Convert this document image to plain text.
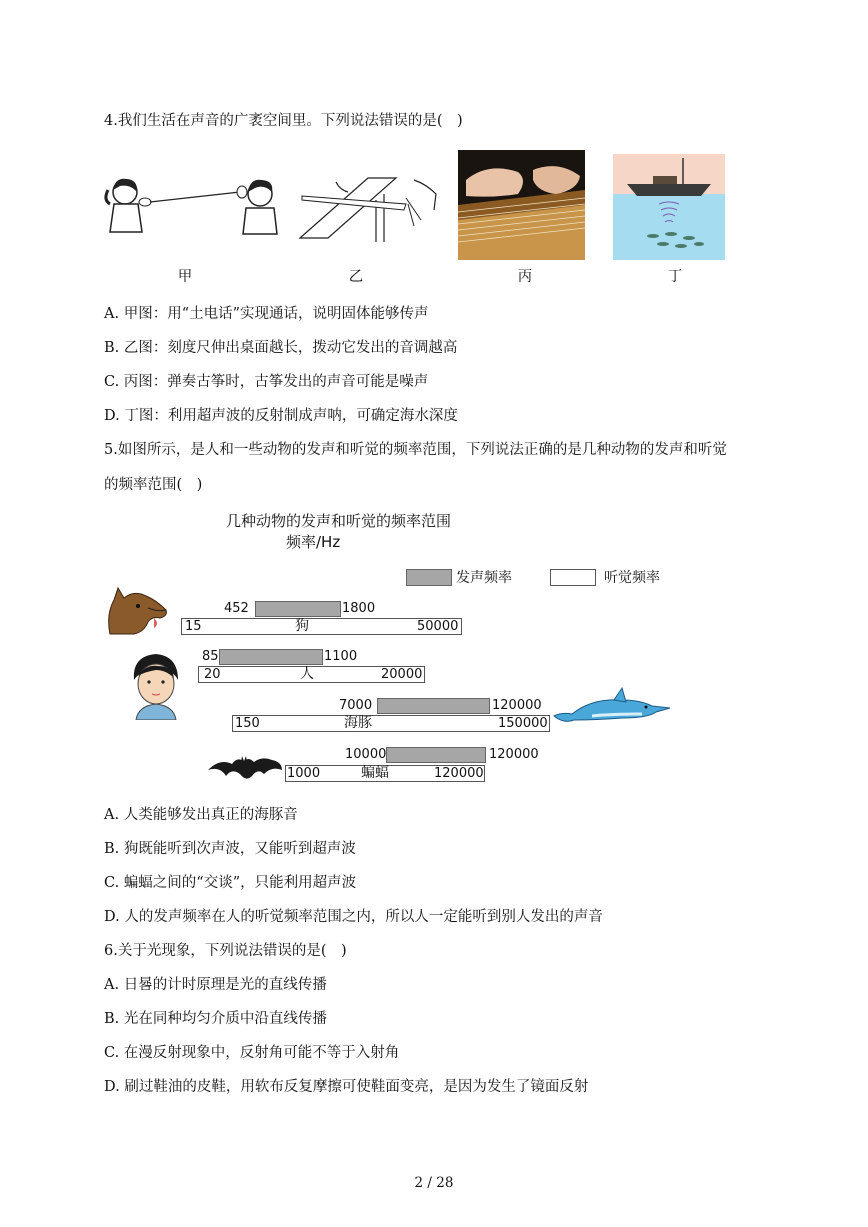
4.我们生活在声音的广袤空间里。下列说法错误的是(　)
甲	乙	丙	丁
A. 甲图：用“土电话”实现通话，说明固体能够传声
B. 乙图：刻度尺伸出桌面越长，拨动它发出的音调越高
C. 丙图：弹奏古筝时，古筝发出的声音可能是噪声
D. 丁图：利用超声波的反射制成声呐，可确定海水深度
5.如图所示，是人和一些动物的发声和听觉的频率范围，下列说法正确的是几种动物的发声和听觉
的频率范围(　)
几种动物的发声和听觉的频率范围
频率/Hz
发声频率	听觉频率
452	1800
15	狗	50000
85	1100
20	人	20000
7000	120000
150	海豚	150000
10000	120000
1000	蝙蝠	120000
A. 人类能够发出真正的海豚音
B. 狗既能听到次声波，又能听到超声波
C. 蝙蝠之间的“交谈”，只能利用超声波
D. 人的发声频率在人的听觉频率范围之内，所以人一定能听到别人发出的声音
6.关于光现象，下列说法错误的是(　)
A. 日晷的计时原理是光的直线传播
B. 光在同种均匀介质中沿直线传播
C. 在漫反射现象中，反射角可能不等于入射角
D. 刷过鞋油的皮鞋，用软布反复摩擦可使鞋面变亮，是因为发生了镜面反射
2 / 28
